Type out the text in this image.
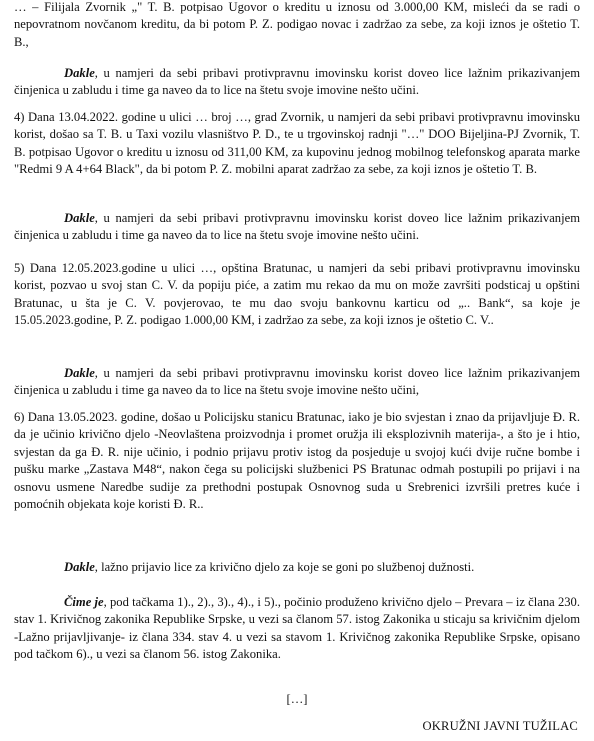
… – Filijala Zvornik „" T. B. potpisao Ugovor o kreditu u iznosu od 3.000,00 KM, misleći da se radi o nepovratnom novčanom kreditu, da bi potom P. Z. podigao novac i zadržao za sebe, za koji iznos je oštetio T. B.,

Dakle, u namjeri da sebi pribavi protivpravnu imovinsku korist doveo lice lažnim prikazivanjem činjenica u zabludu i time ga naveo da to lice na štetu svoje imovine nešto učini.

4) Dana 13.04.2022. godine u ulici … broj …, grad Zvornik, u namjeri da sebi pribavi protivpravnu imovinsku korist, došao sa T. B. u Taxi vozilu vlasništvo P. D., te u trgovinskoj radnji "…" DOO Bijeljina-PJ Zvornik, T. B. potpisao Ugovor o kreditu u iznosu od 311,00 KM, za kupovinu jednog mobilnog telefonskog aparata marke "Redmi 9 A 4+64 Black", da bi potom P. Z. mobilni aparat zadržao za sebe, za koji iznos je oštetio T. B.

Dakle, u namjeri da sebi pribavi protivpravnu imovinsku korist doveo lice lažnim prikazivanjem činjenica u zabludu i time ga naveo da to lice na štetu svoje imovine nešto učini.

5) Dana 12.05.2023.godine u ulici …, opština Bratunac, u namjeri da sebi pribavi protivpravnu imovinsku korist, pozvao u svoj stan C. V. da popiju piće, a zatim mu rekao da mu on može završiti podsticaj u opštini Bratunac, u šta je C. V. povjerovao, te mu dao svoju bankovnu karticu od „.. Bank“, sa koje je 15.05.2023.godine, P. Z. podigao 1.000,00 KM, i zadržao za sebe, za koji iznos je oštetio C. V..

Dakle, u namjeri da sebi pribavi protivpravnu imovinsku korist doveo lice lažnim prikazivanjem činjenica u zabludu i time ga naveo da to lice na štetu svoje imovine nešto učini,

6) Dana 13.05.2023. godine, došao u Policijsku stanicu Bratunac, iako je bio svjestan i znao da prijavljuje Đ. R. da je učinio krivično djelo -Neovlaštena proizvodnja i promet oružja ili eksplozivnih materija-, a što je i htio, svjestan da ga Đ. R. nije učinio, i podnio prijavu protiv istog da posjeduje u svojoj kući dvije ručne bombe i pušku marke „Zastava M48“, nakon čega su policijski službenici PS Bratunac odmah postupili po prijavi i na osnovu usmene Naredbe sudije za prethodni postupak Osnovnog suda u Srebrenici izvršili pretres kuće i pomoćnih objekata koje koristi Đ. R..

Dakle, lažno prijavio lice za krivično djelo za koje se goni po službenoj dužnosti.

Čime je, pod tačkama 1)., 2)., 3)., 4)., i 5)., počinio produženo krivično djelo – Prevara – iz člana 230. stav 1. Krivičnog zakonika Republike Srpske, u vezi sa članom 57. istog Zakonika u sticaju sa krivičnim djelom -Lažno prijavljivanje- iz člana 334. stav 4. u vezi sa stavom 1. Krivičnog zakonika Republike Srpske, opisano pod tačkom 6)., u vezi sa članom 56. istog Zakonika.

[…]
OKRUŽNI JAVNI TUŽILAC
